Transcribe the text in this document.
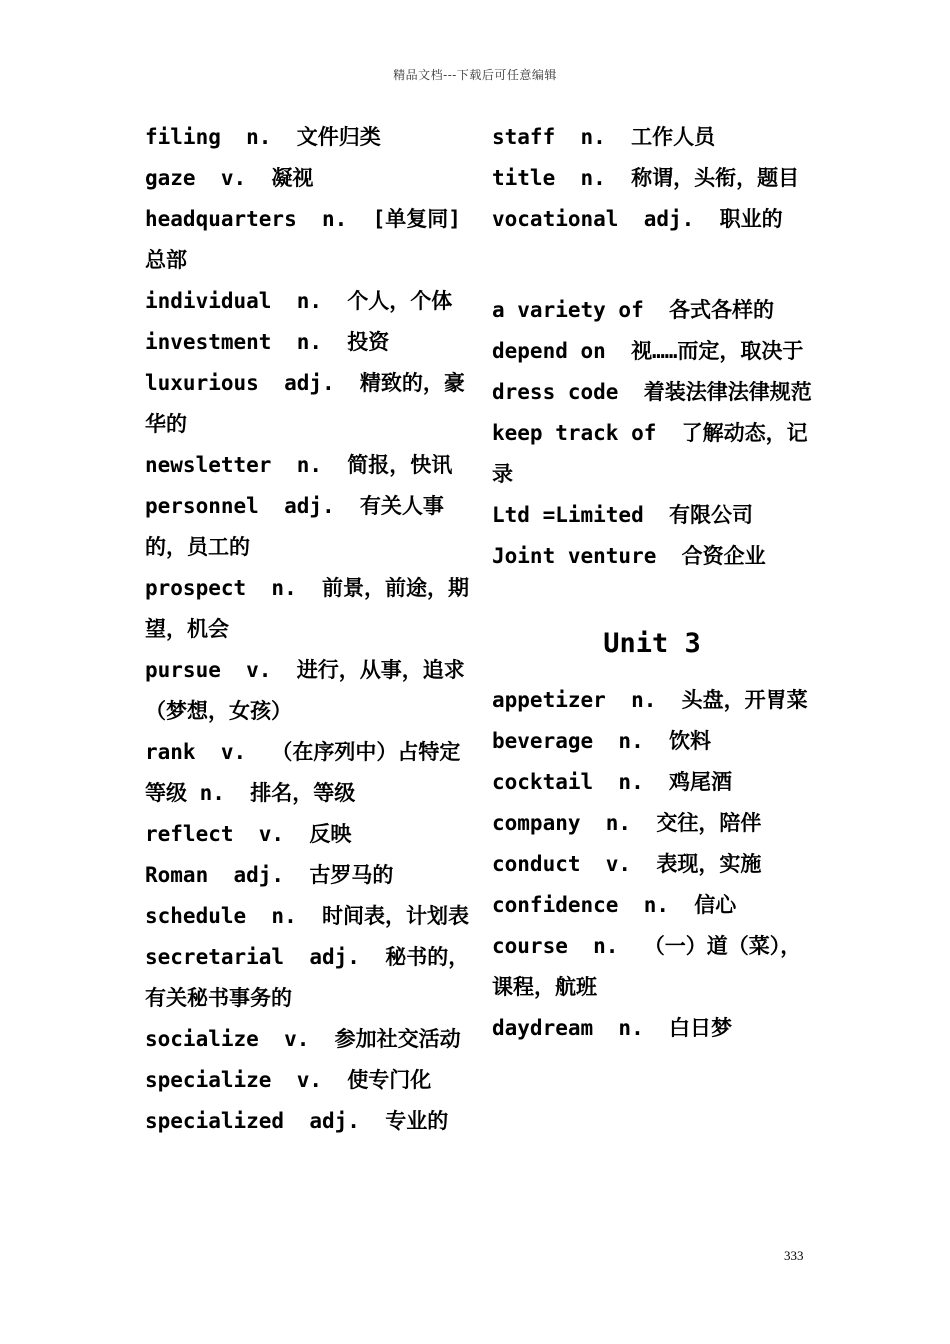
精品文档---下载后可任意编辑

filing  n.  文件归类

gaze  v.  凝视

headquarters  n.  [单复同]总部

individual  n.  个人，个体

investment  n.  投资

luxurious  adj.  精致的，豪华的

newsletter  n.  简报，快讯

personnel  adj.  有关人事的，员工的

prospect  n.  前景，前途，期望，机会

pursue  v.  进行，从事，追求（梦想，女孩）

rank  v.  （在序列中）占特定等级 n.  排名，等级

reflect  v.  反映

Roman  adj.  古罗马的

schedule  n.  时间表，计划表

secretarial  adj.  秘书的，有关秘书事务的

socialize  v.  参加社交活动

specialize  v.  使专门化

specialized  adj.  专业的

staff  n.  工作人员

title  n.  称谓，头衔，题目

vocational  adj.  职业的

a variety of  各式各样的

depend on  视……而定，取决于

dress code  着装法律法律规范

keep track of  了解动态，记录

Ltd =Limited  有限公司

Joint venture  合资企业

Unit 3

appetizer  n.  头盘，开胃菜

beverage  n.  饮料

cocktail  n.  鸡尾酒

company  n.  交往，陪伴

conduct  v.  表现，实施

confidence  n.  信心

course  n.  （一）道（菜），课程，航班

daydream  n.  白日梦

333
